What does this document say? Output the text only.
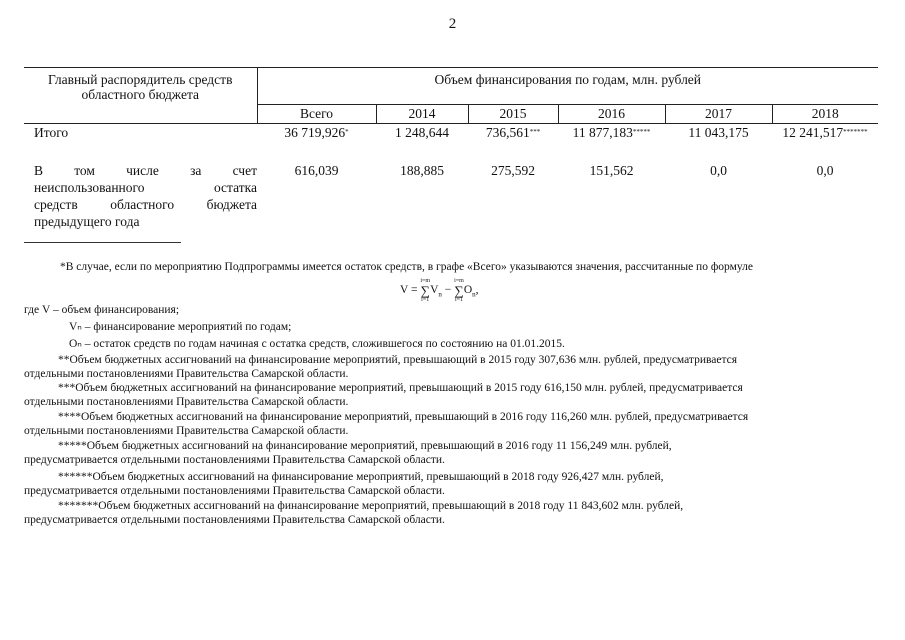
2
Главный распорядитель средств областного бюджета	Объем финансирования по годам, млн. рублей					
	Всего	2014	2015	2016	2017	2018
Итого	36 719,926*	1 248,644	736,561***	11 877,183*****	11 043,175	12 241,517*******

В том числе за счет
неиспользованного остатка
средств областного бюджета
предыдущего года	616,039	188,885	275,592	151,562	0,0	0,0
*В случае, если по мероприятию Подпрограммы имеется остаток средств, в графе «Всего» указываются значения, рассчитанные по формуле
V =
i=m
∑
i=1
$V_n$ −
i=m
∑
i=1
$O_n$,
где V – объем финансирования;
Vₙ – финансирование мероприятий по годам;
Oₙ – остаток средств по годам начиная с остатка средств, сложившегося по состоянию на 01.01.2015.
**Объем бюджетных ассигнований на финансирование мероприятий, превышающий в 2015 году 307,636 млн. рублей, предусматривается
отдельными постановлениями Правительства Самарской области.
***Объем бюджетных ассигнований на финансирование мероприятий, превышающий в 2015 году 616,150 млн. рублей, предусматривается
отдельными постановлениями Правительства Самарской области.
****Объем бюджетных ассигнований на финансирование мероприятий, превышающий в 2016 году 116,260 млн. рублей, предусматривается
отдельными постановлениями Правительства Самарской области.
*****Объем бюджетных ассигнований на финансирование мероприятий, превышающий в 2016 году 11 156,249 млн. рублей,
предусматривается отдельными постановлениями Правительства Самарской области.
******Объем бюджетных ассигнований на финансирование мероприятий, превышающий в 2018 году 926,427 млн. рублей,
предусматривается отдельными постановлениями Правительства Самарской области.
*******Объем бюджетных ассигнований на финансирование мероприятий, превышающий в 2018 году 11 843,602 млн. рублей,
предусматривается отдельными постановлениями Правительства Самарской области.
